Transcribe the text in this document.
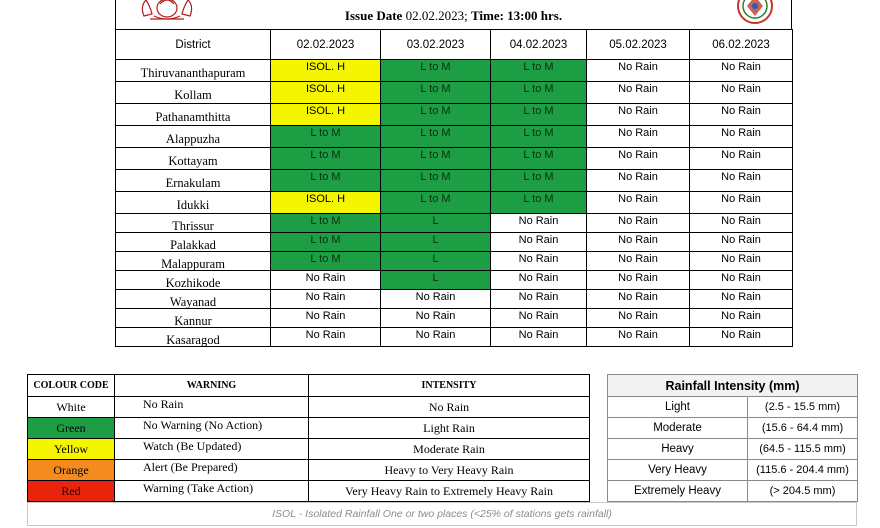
Issue Date 02.02.2023; Time: 13:00 hrs.
District	02.02.2023	03.02.2023	04.02.2023	05.02.2023	06.02.2023
Thiruvananthapuram	ISOL. H	L to M	L to M	No Rain	No Rain
Kollam	ISOL. H	L to M	L to M	No Rain	No Rain
Pathanamthitta	ISOL. H	L to M	L to M	No Rain	No Rain
Alappuzha	L to M	L to M	L to M	No Rain	No Rain
Kottayam	L to M	L to M	L to M	No Rain	No Rain
Ernakulam	L to M	L to M	L to M	No Rain	No Rain
Idukki	ISOL. H	L to M	L to M	No Rain	No Rain
Thrissur	L to M	L	No Rain	No Rain	No Rain
Palakkad	L to M	L	No Rain	No Rain	No Rain
Malappuram	L to M	L	No Rain	No Rain	No Rain
Kozhikode	No Rain	L	No Rain	No Rain	No Rain
Wayanad	No Rain	No Rain	No Rain	No Rain	No Rain
Kannur	No Rain	No Rain	No Rain	No Rain	No Rain
Kasaragod	No Rain	No Rain	No Rain	No Rain	No Rain
COLOUR CODE	WARNING	INTENSITY
White	No Rain	No Rain
Green	No Warning (No Action)	Light Rain
Yellow	Watch (Be Updated)	Moderate Rain
Orange	Alert (Be Prepared)	Heavy to Very Heavy Rain
Red	Warning (Take Action)	Very Heavy Rain to Extremely Heavy Rain
Rainfall Intensity (mm)	
Light	(2.5 - 15.5 mm)
Moderate	(15.6 - 64.4 mm)
Heavy	(64.5 - 115.5 mm)
Very Heavy	(115.6 - 204.4 mm)
Extremely Heavy	(> 204.5 mm)
ISOL - Isolated Rainfall One or two places (<25% of stations gets rainfall)
